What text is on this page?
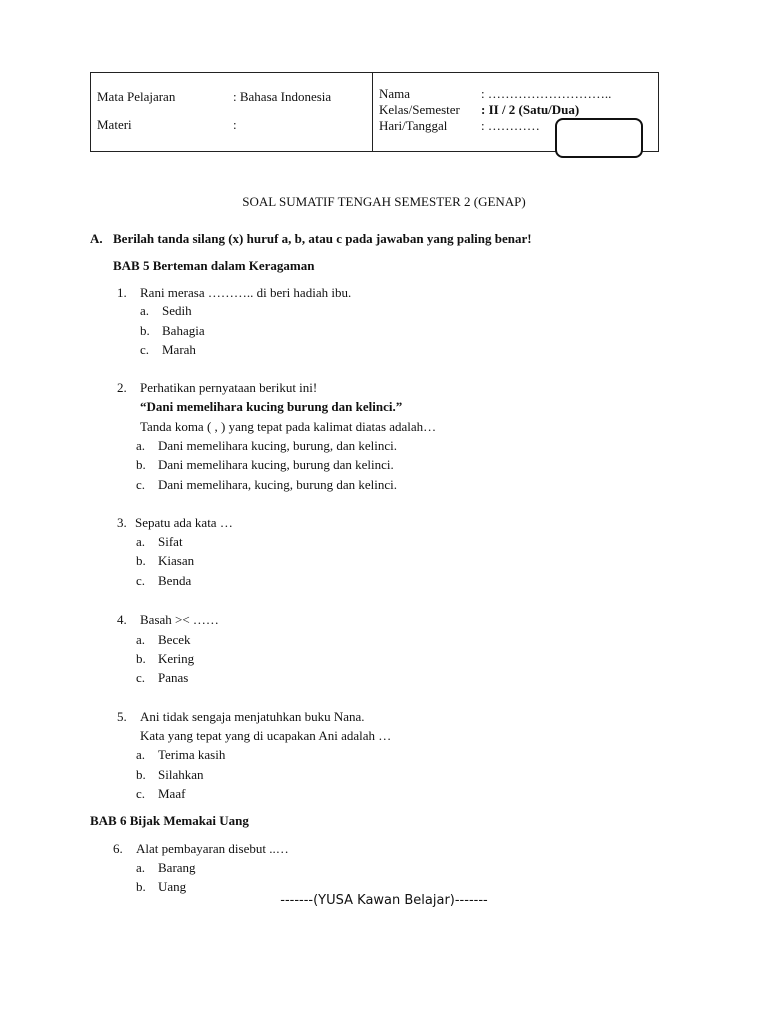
Mata Pelajaran	: Bahasa Indonesia
Materi	:
Nama	: ………………………..
Kelas/Semester : II / 2 (Satu/Dua)
Hari/Tanggal	: …………
SOAL SUMATIF TENGAH SEMESTER 2 (GENAP)
A. Berilah tanda silang (x) huruf a, b, atau c pada jawaban yang paling benar!
BAB 5 Berteman dalam Keragaman
1. Rani merasa ……….. di beri hadiah ibu.
a. Sedih
b. Bahagia
c. Marah
2. Perhatikan pernyataan berikut ini!
“Dani memelihara kucing burung dan kelinci.”
Tanda koma ( , ) yang tepat pada kalimat diatas adalah…
a. Dani memelihara kucing, burung, dan kelinci.
b. Dani memelihara kucing, burung dan kelinci.
c. Dani memelihara, kucing, burung dan kelinci.
3. Sepatu ada kata …
a. Sifat
b. Kiasan
c. Benda
4. Basah >< ……
a. Becek
b. Kering
c. Panas
5. Ani tidak sengaja menjatuhkan buku Nana.
Kata yang tepat yang di ucapakan Ani adalah …
a. Terima kasih
b. Silahkan
c. Maaf
BAB 6 Bijak Memakai Uang
6. Alat pembayaran disebut ..…
a. Barang
b. Uang
-------(YUSA Kawan Belajar)-------
